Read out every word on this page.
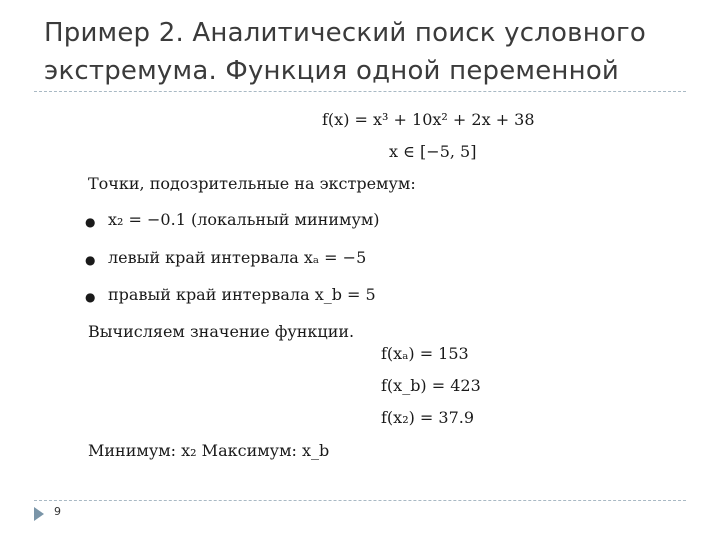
Пример 2. Аналитический поиск условного
экстремума. Функция одной переменной
f(x) = x³ + 10x² + 2x + 38
x ∈ [−5, 5]
Точки, подозрительные на экстремум:
● x₂ = −0.1 (локальный минимум)
● левый край интервала xₐ = −5
● правый край интервала x_b = 5
Вычисляем значение функции.
f(xₐ) = 153
f(x_b) = 423
f(x₂) = 37.9
Минимум: x₂ Максимум: x_b
9
